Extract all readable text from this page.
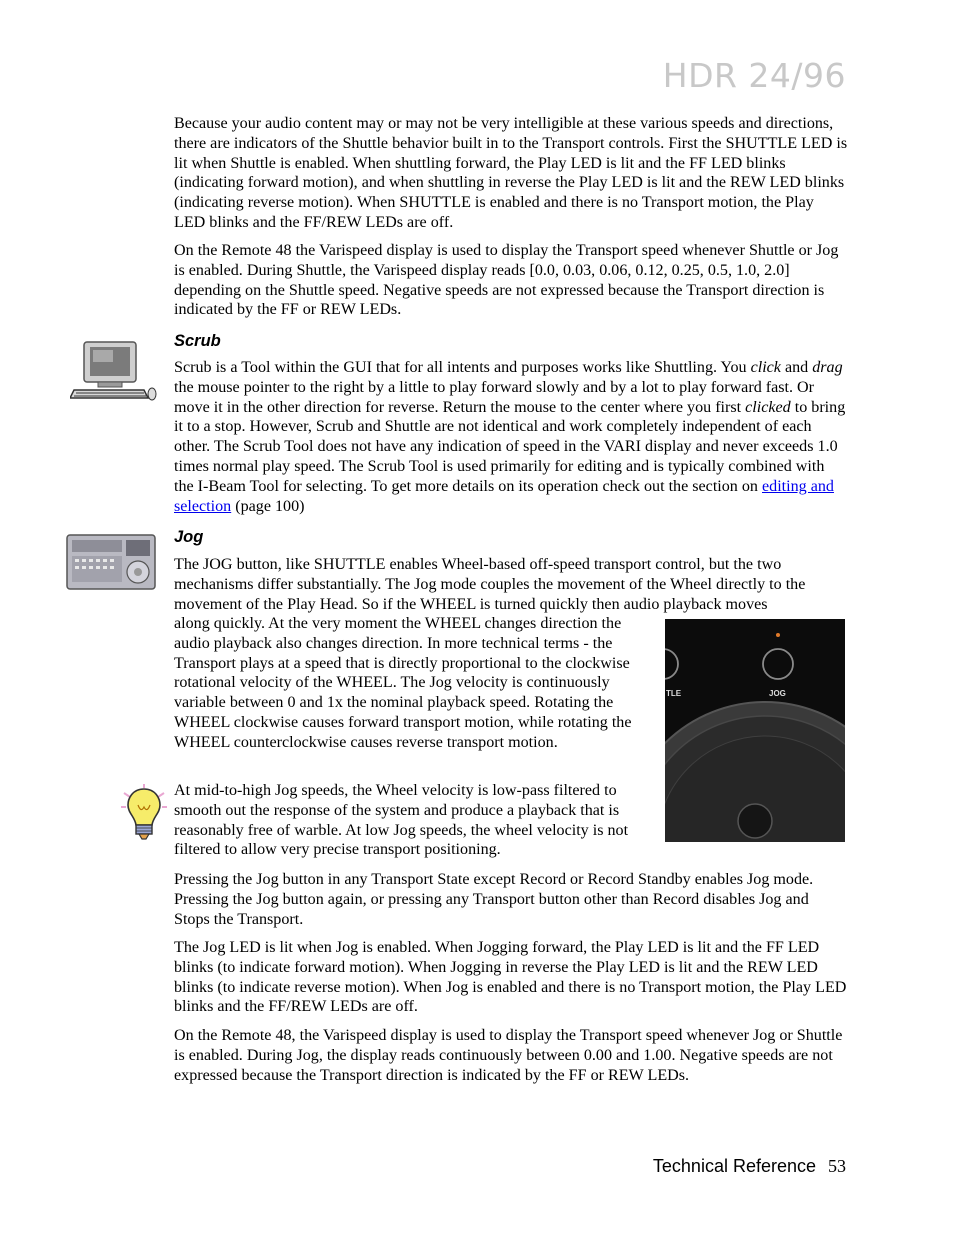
HDR 24/96

Because your audio content may or may not be very intelligible at these various speeds and directions, there are indicators of the Shuttle behavior built in to the Transport controls. First the SHUTTLE LED is lit when Shuttle is enabled. When shuttling forward, the Play LED is lit and the FF LED blinks (indicating forward motion), and when shuttling in reverse the Play LED is lit and the REW LED blinks (indicating reverse motion). When SHUTTLE is enabled and there is no Transport motion, the Play LED blinks and the FF/REW LEDs are off.

On the Remote 48 the Varispeed display is used to display the Transport speed whenever Shuttle or Jog is enabled. During Shuttle, the Varispeed display reads [0.0, 0.03, 0.06, 0.12, 0.25, 0.5, 1.0, 2.0] depending on the Shuttle speed. Negative speeds are not expressed because the Transport direction is indicated by the FF or REW LEDs.

Scrub

Scrub is a Tool within the GUI that for all intents and purposes works like Shuttling. You click and drag the mouse pointer to the right by a little to play forward slowly and by a lot to play forward fast. Or move it in the other direction for reverse. Return the mouse to the center where you first clicked to bring it to a stop. However, Scrub and Shuttle are not identical and work completely independent of each other. The Scrub Tool does not have any indication of speed in the VARI display and never exceeds 1.0 times normal play speed. The Scrub Tool is used primarily for editing and is typically combined with the I-Beam Tool for selecting. To get more details on its operation check out the section on editing and selection (page 100)

Jog

The JOG button, like SHUTTLE enables Wheel-based off-speed transport control, but the two mechanisms differ substantially. The Jog mode couples the movement of the Wheel directly to the movement of the Play Head. So if the WHEEL is turned quickly then audio playback moves

along quickly. At the very moment the WHEEL changes direction the audio playback also changes direction. In more technical terms - the Transport plays at a speed that is directly proportional to the clockwise rotational velocity of the WHEEL. The Jog velocity is continuously variable between 0 and 1x the nominal playback speed. Rotating the WHEEL clockwise causes forward transport motion, while rotating the WHEEL counterclockwise causes reverse transport motion.

TLE	JOG

At mid-to-high Jog speeds, the Wheel velocity is low-pass filtered to smooth out the response of the system and produce a playback that is reasonably free of warble. At low Jog speeds, the wheel velocity is not filtered to allow very precise transport positioning.

Pressing the Jog button in any Transport State except Record or Record Standby enables Jog mode. Pressing the Jog button again, or pressing any Transport button other than Record disables Jog and Stops the Transport.

The Jog LED is lit when Jog is enabled. When Jogging forward, the Play LED is lit and the FF LED blinks (to indicate forward motion). When Jogging in reverse the Play LED is lit and the REW LED blinks (to indicate reverse motion). When Jog is enabled and there is no Transport motion, the Play LED blinks and the FF/REW LEDs are off.

On the Remote 48, the Varispeed display is used to display the Transport speed whenever Jog or Shuttle is enabled. During Jog, the display reads continuously between 0.00 and 1.00. Negative speeds are not expressed because the Transport direction is indicated by the FF or REW LEDs.

Technical Reference 53
